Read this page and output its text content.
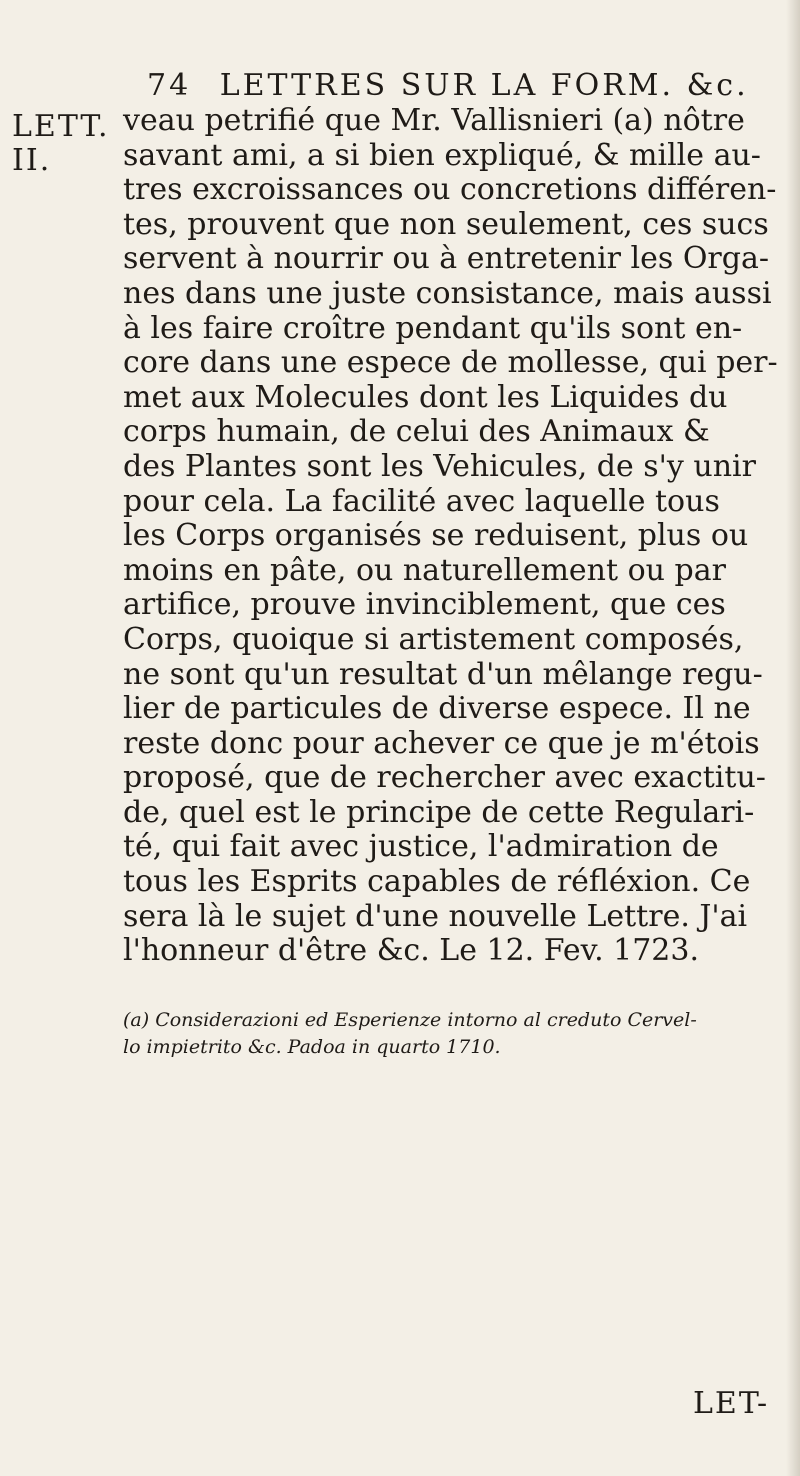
74 LETTRES SUR LA FORM. &c.
LETT.
II.
veau petrifié que Mr. Vallisnieri (a) nôtre
savant ami, a si bien expliqué, & mille au-
tres excroissances ou concretions différen-
tes, prouvent que non seulement, ces sucs
servent à nourrir ou à entretenir les Orga-
nes dans une juste consistance, mais aussi
à les faire croître pendant qu'ils sont en-
core dans une espece de mollesse, qui per-
met aux Molecules dont les Liquides du
corps humain, de celui des Animaux &
des Plantes sont les Vehicules, de s'y unir
pour cela. La facilité avec laquelle tous
les Corps organisés se reduisent, plus ou
moins en pâte, ou naturellement ou par
artifice, prouve invinciblement, que ces
Corps, quoique si artistement composés,
ne sont qu'un resultat d'un mêlange regu-
lier de particules de diverse espece. Il ne
reste donc pour achever ce que je m'étois
proposé, que de rechercher avec exactitu-
de, quel est le principe de cette Regulari-
té, qui fait avec justice, l'admiration de
tous les Esprits capables de réfléxion. Ce
sera là le sujet d'une nouvelle Lettre. J'ai
l'honneur d'être &c. Le 12. Fev. 1723.
(a) Considerazioni ed Esperienze intorno al creduto Cervel-
lo impietrito &c. Padoa in quarto 1710.
LET-
